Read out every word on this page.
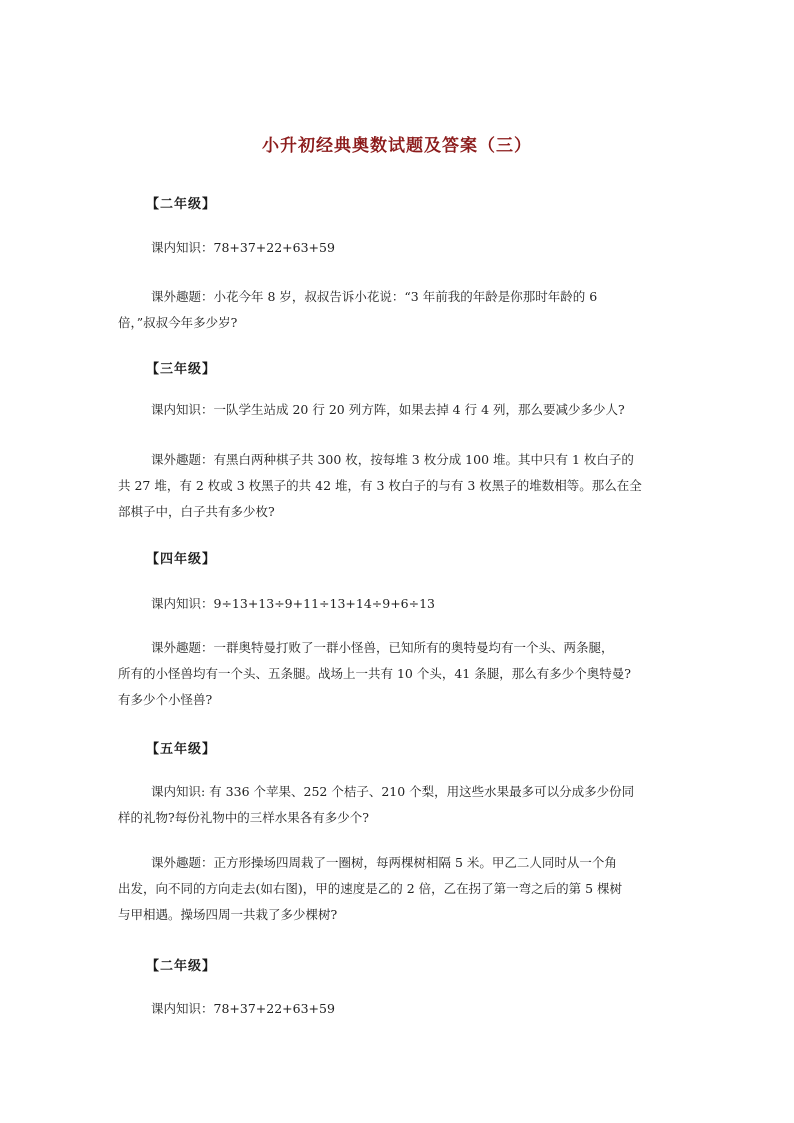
小升初经典奥数试题及答案（三）
【二年级】
课内知识：78+37+22+63+59
课外趣题：小花今年 8 岁，叔叔告诉小花说：“3 年前我的年龄是你那时年龄的 6
倍，”叔叔今年多少岁?
【三年级】
课内知识：一队学生站成 20 行 20 列方阵，如果去掉 4 行 4 列，那么要减少多少人?
课外趣题：有黑白两种棋子共 300 枚，按每堆 3 枚分成 100 堆。其中只有 1 枚白子的
共 27 堆，有 2 枚或 3 枚黑子的共 42 堆，有 3 枚白子的与有 3 枚黑子的堆数相等。那么在全
部棋子中，白子共有多少枚?
【四年级】
课内知识：9÷13+13÷9+11÷13+14÷9+6÷13
课外趣题：一群奥特曼打败了一群小怪兽，已知所有的奥特曼均有一个头、两条腿，
所有的小怪兽均有一个头、五条腿。战场上一共有 10 个头，41 条腿，那么有多少个奥特曼?
有多少个小怪兽?
【五年级】
课内知识: 有 336 个苹果、252 个桔子、210 个梨，用这些水果最多可以分成多少份同
样的礼物?每份礼物中的三样水果各有多少个?
课外趣题：正方形操场四周栽了一圈树，每两棵树相隔 5 米。甲乙二人同时从一个角
出发，向不同的方向走去(如右图)，甲的速度是乙的 2 倍，乙在拐了第一弯之后的第 5 棵树
与甲相遇。操场四周一共栽了多少棵树?
【二年级】
课内知识：78+37+22+63+59
